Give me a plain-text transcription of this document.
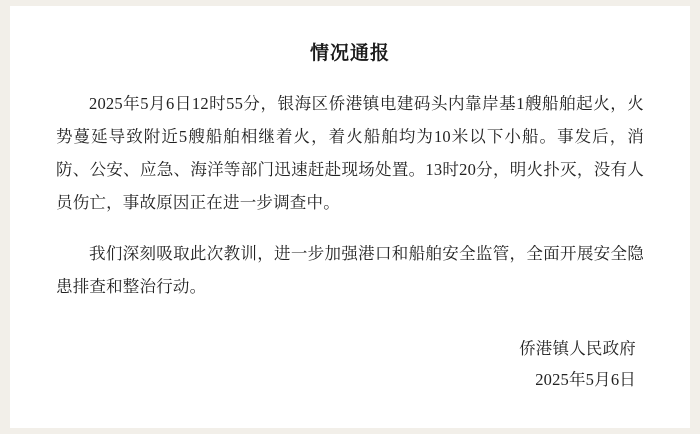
情况通报

2025年5月6日12时55分，银海区侨港镇电建码头内靠岸基1艘船舶起火，火势蔓延导致附近5艘船舶相继着火，着火船舶均为10米以下小船。事发后，消防、公安、应急、海洋等部门迅速赶赴现场处置。13时20分，明火扑灭，没有人员伤亡，事故原因正在进一步调查中。

我们深刻吸取此次教训，进一步加强港口和船舶安全监管，全面开展安全隐患排查和整治行动。

侨港镇人民政府
2025年5月6日
